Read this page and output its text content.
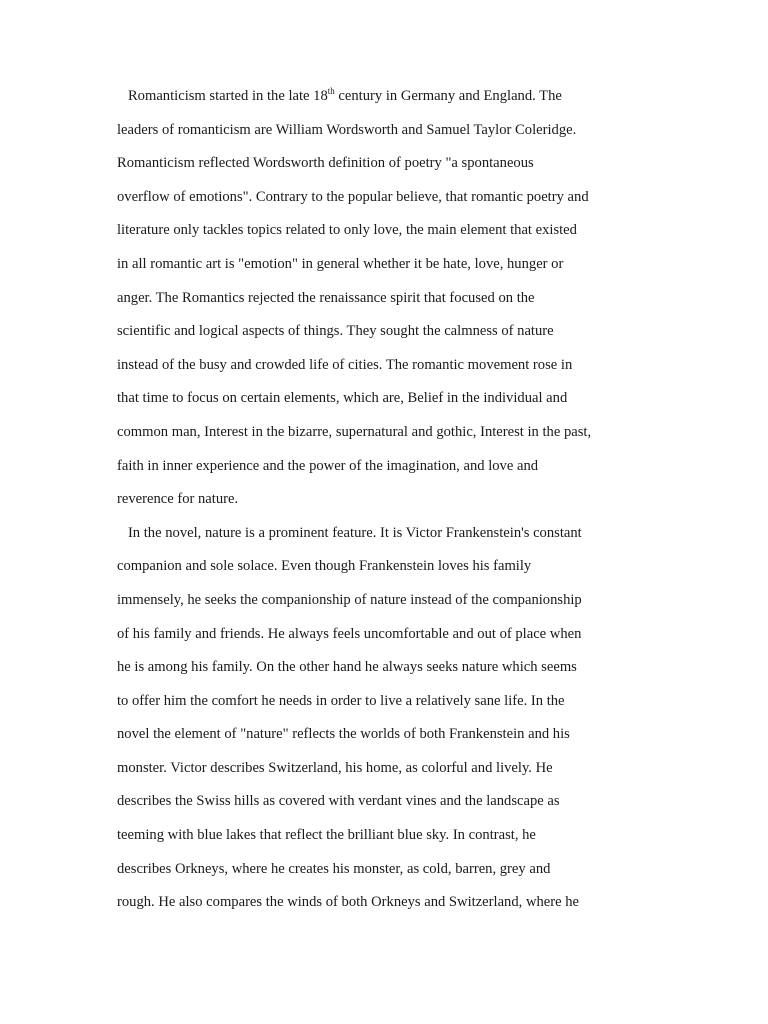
Romanticism started in the late 18th century in Germany and England. The
leaders of romanticism are William Wordsworth and Samuel Taylor Coleridge.
Romanticism reflected Wordsworth definition of poetry "a spontaneous
overflow of emotions". Contrary to the popular believe, that romantic poetry and
literature only tackles topics related to only love, the main element that existed
in all romantic art is "emotion" in general whether it be hate, love, hunger or
anger. The Romantics rejected the renaissance spirit that focused on the
scientific and logical aspects of things. They sought the calmness of nature
instead of the busy and crowded life of cities. The romantic movement rose in
that time to focus on certain elements, which are, Belief in the individual and
common man, Interest in the bizarre, supernatural and gothic, Interest in the past,
faith in inner experience and the power of the imagination, and love and
reverence for nature.
In the novel, nature is a prominent feature. It is Victor Frankenstein's constant
companion and sole solace. Even though Frankenstein loves his family
immensely, he seeks the companionship of nature instead of the companionship
of his family and friends. He always feels uncomfortable and out of place when
he is among his family. On the other hand he always seeks nature which seems
to offer him the comfort he needs in order to live a relatively sane life. In the
novel the element of "nature" reflects the worlds of both Frankenstein and his
monster. Victor describes Switzerland, his home, as colorful and lively. He
describes the Swiss hills as covered with verdant vines and the landscape as
teeming with blue lakes that reflect the brilliant blue sky. In contrast, he
describes Orkneys, where he creates his monster, as cold, barren, grey and
rough. He also compares the winds of both Orkneys and Switzerland, where he
